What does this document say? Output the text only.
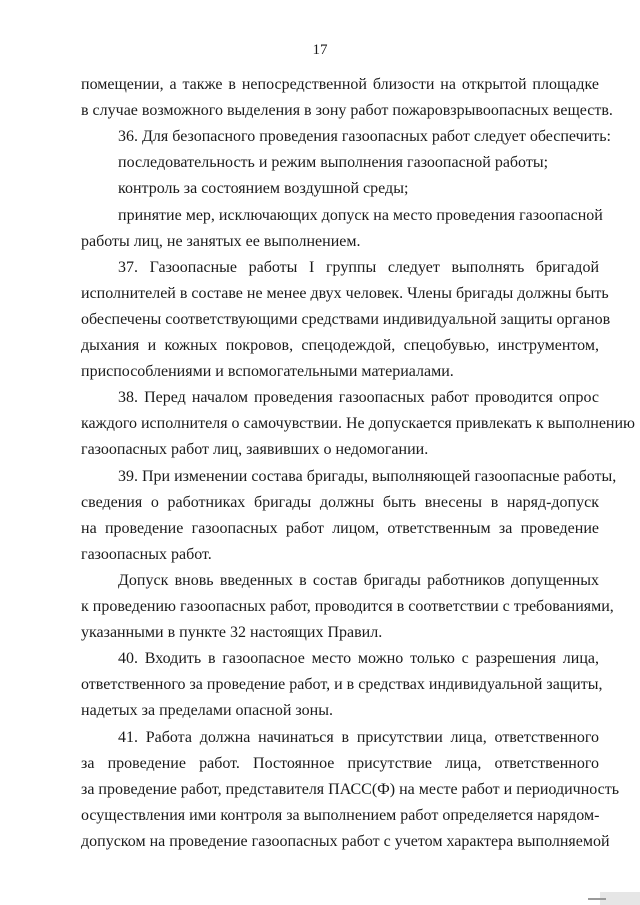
17
помещении, а также в непосредственной близости на открытой площадке
в случае возможного выделения в зону работ пожаровзрывоопасных веществ.
36. Для безопасного проведения газоопасных работ следует обеспечить:
последовательность и режим выполнения газоопасной работы;
контроль за состоянием воздушной среды;
принятие мер, исключающих допуск на место проведения газоопасной
работы лиц, не занятых ее выполнением.
37. Газоопасные работы I группы следует выполнять бригадой
исполнителей в составе не менее двух человек. Члены бригады должны быть
обеспечены соответствующими средствами индивидуальной защиты органов
дыхания и кожных покровов, спецодеждой, спецобувью, инструментом,
приспособлениями и вспомогательными материалами.
38. Перед началом проведения газоопасных работ проводится опрос
каждого исполнителя о самочувствии. Не допускается привлекать к выполнению
газоопасных работ лиц, заявивших о недомогании.
39. При изменении состава бригады, выполняющей газоопасные работы,
сведения о работниках бригады должны быть внесены в наряд-допуск
на проведение газоопасных работ лицом, ответственным за проведение
газоопасных работ.
Допуск вновь введенных в состав бригады работников допущенных
к проведению газоопасных работ, проводится в соответствии с требованиями,
указанными в пункте 32 настоящих Правил.
40. Входить в газоопасное место можно только с разрешения лица,
ответственного за проведение работ, и в средствах индивидуальной защиты,
надетых за пределами опасной зоны.
41. Работа должна начинаться в присутствии лица, ответственного
за проведение работ. Постоянное присутствие лица, ответственного
за проведение работ, представителя ПАСС(Ф) на месте работ и периодичность
осуществления ими контроля за выполнением работ определяется нарядом-
допуском на проведение газоопасных работ с учетом характера выполняемой
